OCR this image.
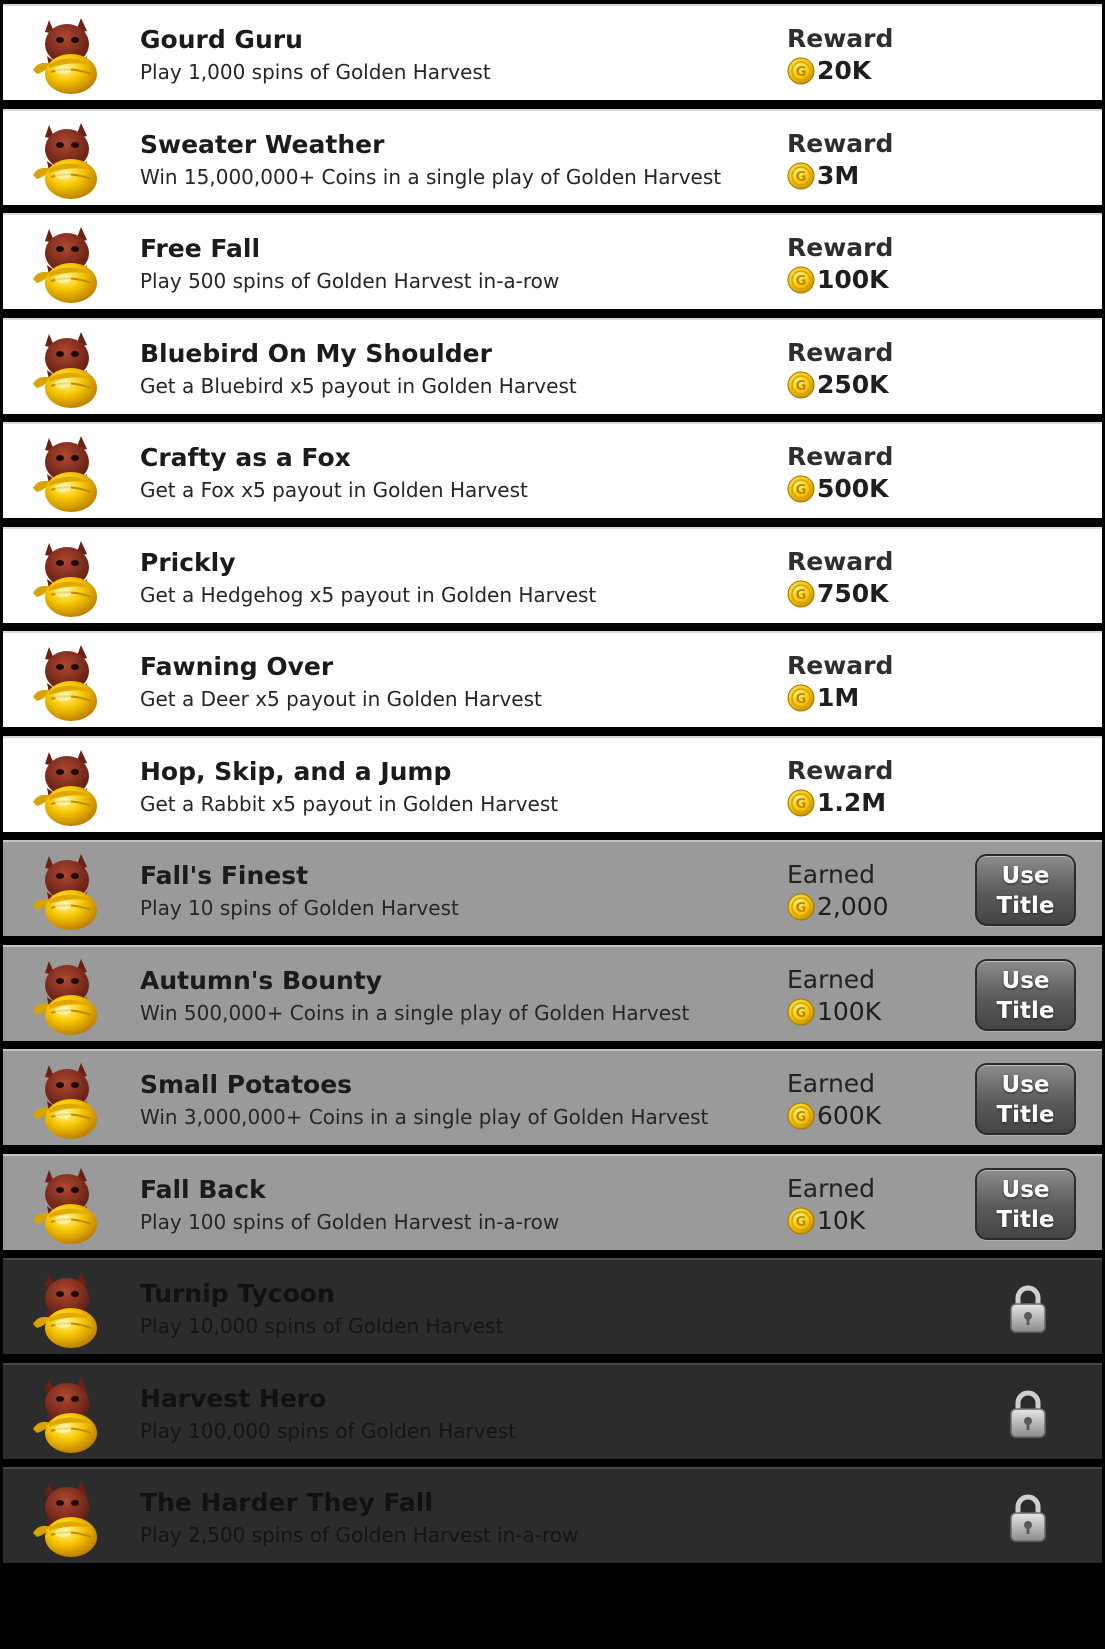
Gourd Guru
Play 1,000 spins of Golden Harvest
Reward
G 20K
Sweater Weather
Win 15,000,000+ Coins in a single play of Golden Harvest
Reward
G 3M
Free Fall
Play 500 spins of Golden Harvest in-a-row
Reward
G 100K
Bluebird On My Shoulder
Get a Bluebird x5 payout in Golden Harvest
Reward
G 250K
Crafty as a Fox
Get a Fox x5 payout in Golden Harvest
Reward
G 500K
Prickly
Get a Hedgehog x5 payout in Golden Harvest
Reward
G 750K
Fawning Over
Get a Deer x5 payout in Golden Harvest
Reward
G 1M
Hop, Skip, and a Jump
Get a Rabbit x5 payout in Golden Harvest
Reward
G 1.2M
Fall's Finest
Play 10 spins of Golden Harvest
Earned
G 2,000
Use
Title
Autumn's Bounty
Win 500,000+ Coins in a single play of Golden Harvest
Earned
G 100K
Use
Title
Small Potatoes
Win 3,000,000+ Coins in a single play of Golden Harvest
Earned
G 600K
Use
Title
Fall Back
Play 100 spins of Golden Harvest in-a-row
Earned
G 10K
Use
Title
Turnip Tycoon
Play 10,000 spins of Golden Harvest
Harvest Hero
Play 100,000 spins of Golden Harvest
The Harder They Fall
Play 2,500 spins of Golden Harvest in-a-row
